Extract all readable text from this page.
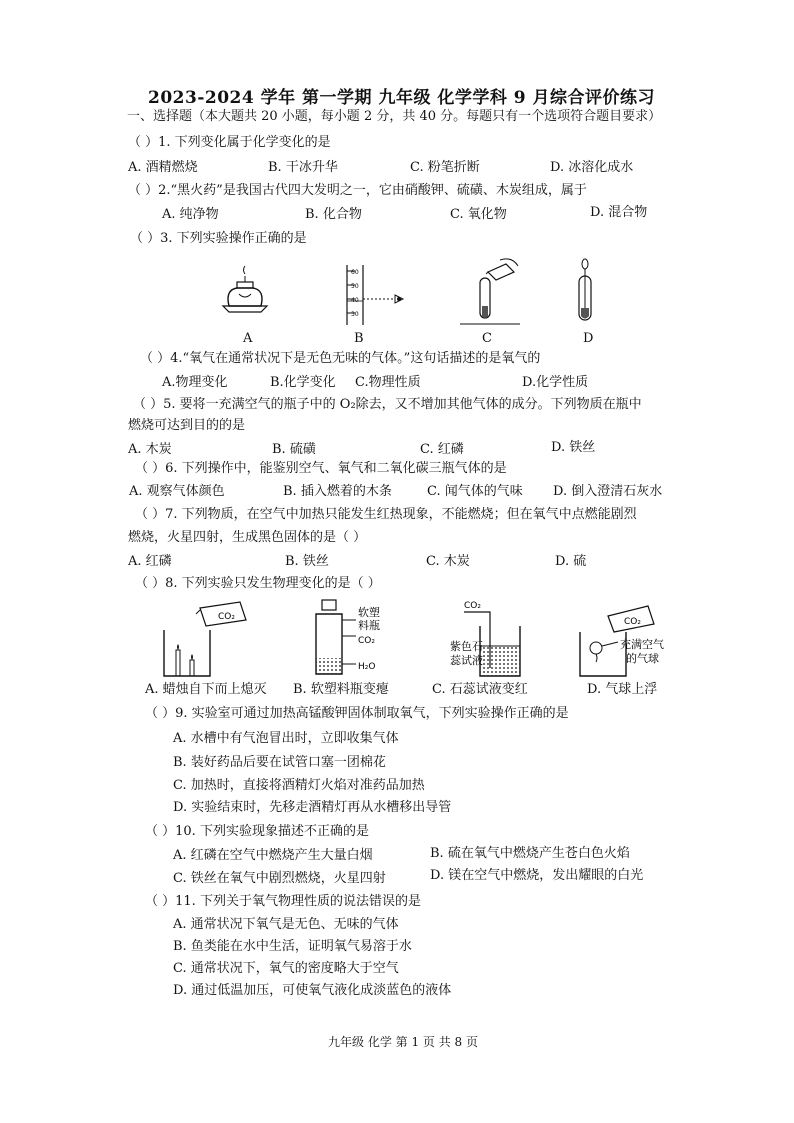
2023-2024 学年 第一学期 九年级 化学学科 9 月综合评价练习
一、选择题（本大题共 20 小题，每小题 2 分，共 40 分。每题只有一个选项符合题目要求）
（ ）1. 下列变化属于化学变化的是
A. 酒精燃烧	B. 干冰升华	C. 粉笔折断	D. 冰溶化成水
（ ）2.“黑火药”是我国古代四大发明之一，它由硝酸钾、硫磺、木炭组成，属于
A. 纯净物	B. 化合物	C. 氧化物	D. 混合物
（ ）3. 下列实验操作正确的是
A
60
50
40
30
B	C	D
（ ）4.“氧气在通常状况下是无色无味的气体。”这句话描述的是氧气的
A.物理变化	B.化学变化 C.物理性质	D.化学性质
（ ）5. 要将一充满空气的瓶子中的 O₂除去，又不增加其他气体的成分。下列物质在瓶中
燃烧可达到目的的是
A. 木炭	B. 硫磺	C. 红磷	D. 铁丝
（ ）6. 下列操作中，能鉴别空气、氧气和二氧化碳三瓶气体的是
A. 观察气体颜色	B. 插入燃着的木条	C. 闻气体的气味 D. 倒入澄清石灰水
（ ）7. 下列物质，在空气中加热只能发生红热现象，不能燃烧；但在氧气中点燃能剧烈
燃烧，火星四射，生成黑色固体的是（ ）
A. 红磷	B. 铁丝	C. 木炭	D. 硫
（ ）8. 下列实验只发生物理变化的是（ ）
CO₂	软塑
料瓶
CO₂
H₂O
CO₂
紫色石
蕊试液
CO₂
充满空气
的气球
A. 蜡烛自下而上熄灭 B. 软塑料瓶变瘪	C. 石蕊试液变红	D. 气球上浮
（ ）9. 实验室可通过加热高锰酸钾固体制取氧气，下列实验操作正确的是
A. 水槽中有气泡冒出时，立即收集气体
B. 装好药品后要在试管口塞一团棉花
C. 加热时，直接将酒精灯火焰对准药品加热
D. 实验结束时，先移走酒精灯再从水槽移出导管
（ ）10. 下列实验现象描述不正确的是
A. 红磷在空气中燃烧产生大量白烟	B. 硫在氧气中燃烧产生苍白色火焰
C. 铁丝在氧气中剧烈燃烧，火星四射	D. 镁在空气中燃烧，发出耀眼的白光
（ ）11. 下列关于氧气物理性质的说法错误的是
A. 通常状况下氧气是无色、无味的气体
B. 鱼类能在水中生活，证明氧气易溶于水
C. 通常状况下，氧气的密度略大于空气
D. 通过低温加压，可使氧气液化成淡蓝色的液体
九年级 化学 第 1 页 共 8 页
